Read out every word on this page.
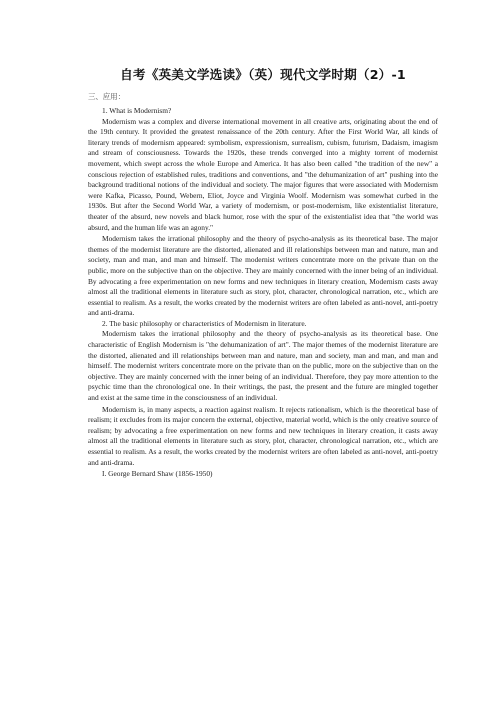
自考《英美文学选读》（英）现代文学时期（2）-1
三、应用：

1. What is Modernism?

Modernism was a complex and diverse international movement in all creative arts, originating about the end of the 19th century. It provided the greatest renaissance of the 20th century. After the First World War, all kinds of literary trends of modernism appeared: symbolism, expressionism, surrealism, cubism, futurism, Dadaism, imagism and stream of consciousness. Towards the 1920s, these trends converged into a mighty torrent of modernist movement, which swept across the whole Europe and America. It has also been called "the tradition of the new" a conscious rejection of established rules, traditions and conventions, and "the dehumanization of art" pushing into the background traditional notions of the individual and society. The major figures that were associated with Modernism were Kafka, Picasso, Pound, Webern, Eliot, Joyce and Virginia Woolf. Modernism was somewhat curbed in the 1930s. But after the Second World War, a variety of modernism, or post-modernism, like existentialist literature, theater of the absurd, new novels and black humor, rose with the spur of the existentialist idea that "the world was absurd, and the human life was an agony."

Modernism takes the irrational philosophy and the theory of psycho-analysis as its theoretical base. The major themes of the modernist literature are the distorted, alienated and ill relationships between man and nature, man and society, man and man, and man and himself. The modernist writers concentrate more on the private than on the public, more on the subjective than on the objective. They are mainly concerned with the inner being of an individual. By advocating a free experimentation on new forms and new techniques in literary creation, Modernism casts away almost all the traditional elements in literature such as story, plot, character, chronological narration, etc., which are essential to realism. As a result, the works created by the modernist writers are often labeled as anti-novel, anti-poetry and anti-drama.

2. The basic philosophy or characteristics of Modernism in literature.

Modernism takes the irrational philosophy and the theory of psycho-analysis as its theoretical base. One characteristic of English Modernism is "the dehumanization of art". The major themes of the modernist literature are the distorted, alienated and ill relationships between man and nature, man and society, man and man, and man and himself. The modernist writers concentrate more on the private than on the public, more on the subjective than on the objective. They are mainly concerned with the inner being of an individual. Therefore, they pay more attention to the psychic time than the chronological one. In their writings, the past, the present and the future are mingled together and exist at the same time in the consciousness of an individual.

Modernism is, in many aspects, a reaction against realism. It rejects rationalism, which is the theoretical base of realism; it excludes from its major concern the external, objective, material world, which is the only creative source of realism; by advocating a free experimentation on new forms and new techniques in literary creation, it casts away almost all the traditional elements in literature such as story, plot, character, chronological narration, etc., which are essential to realism. As a result, the works created by the modernist writers are often labeled as anti-novel, anti-poetry and anti-drama.

I. George Bernard Shaw (1856-1950)
